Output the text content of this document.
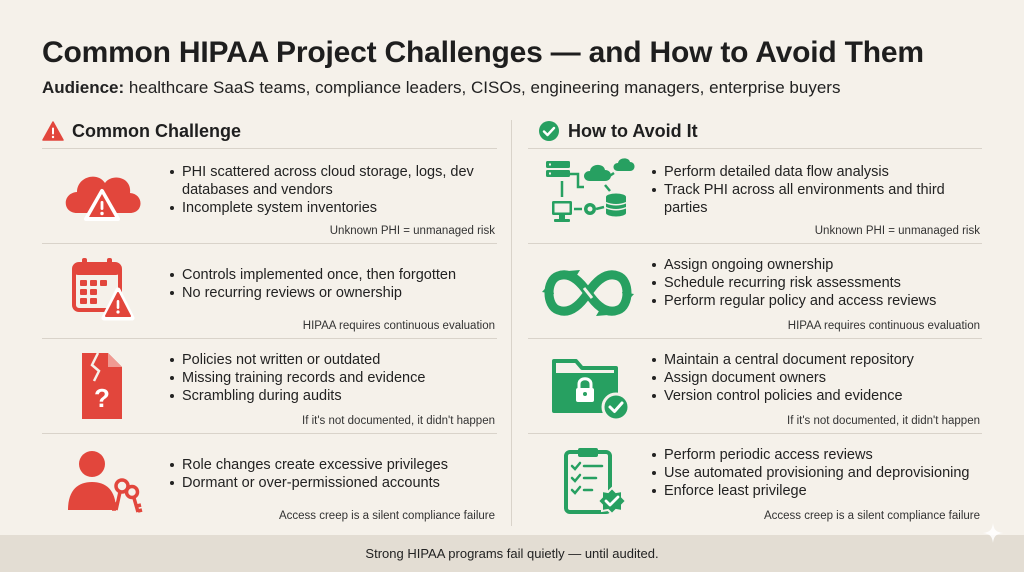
Common HIPAA Project Challenges — and How to Avoid Them
Audience: healthcare SaaS teams, compliance leaders, CISOs, engineering managers, enterprise buyers
Common Challenge	How to Avoid It
PHI scattered across cloud storage, logs, dev databases and vendors
Incomplete system inventories
Unknown PHI = unmanaged risk
Perform detailed data flow analysis
Track PHI across all environments and third parties
Unknown PHI = unmanaged risk
Controls implemented once, then forgotten
No recurring reviews or ownership
HIPAA requires continuous evaluation
Assign ongoing ownership
Schedule recurring risk assessments
Perform regular policy and access reviews
HIPAA requires continuous evaluation
?
Policies not written or outdated
Missing training records and evidence
Scrambling during audits
If it's not documented, it didn't happen
Maintain a central document repository
Assign document owners
Version control policies and evidence
If it's not documented, it didn't happen
Role changes create excessive privileges
Dormant or over-permissioned accounts
Access creep is a silent compliance failure
Perform periodic access reviews
Use automated provisioning and deprovisioning
Enforce least privilege
Access creep is a silent compliance failure
Strong HIPAA programs fail quietly — until audited.
